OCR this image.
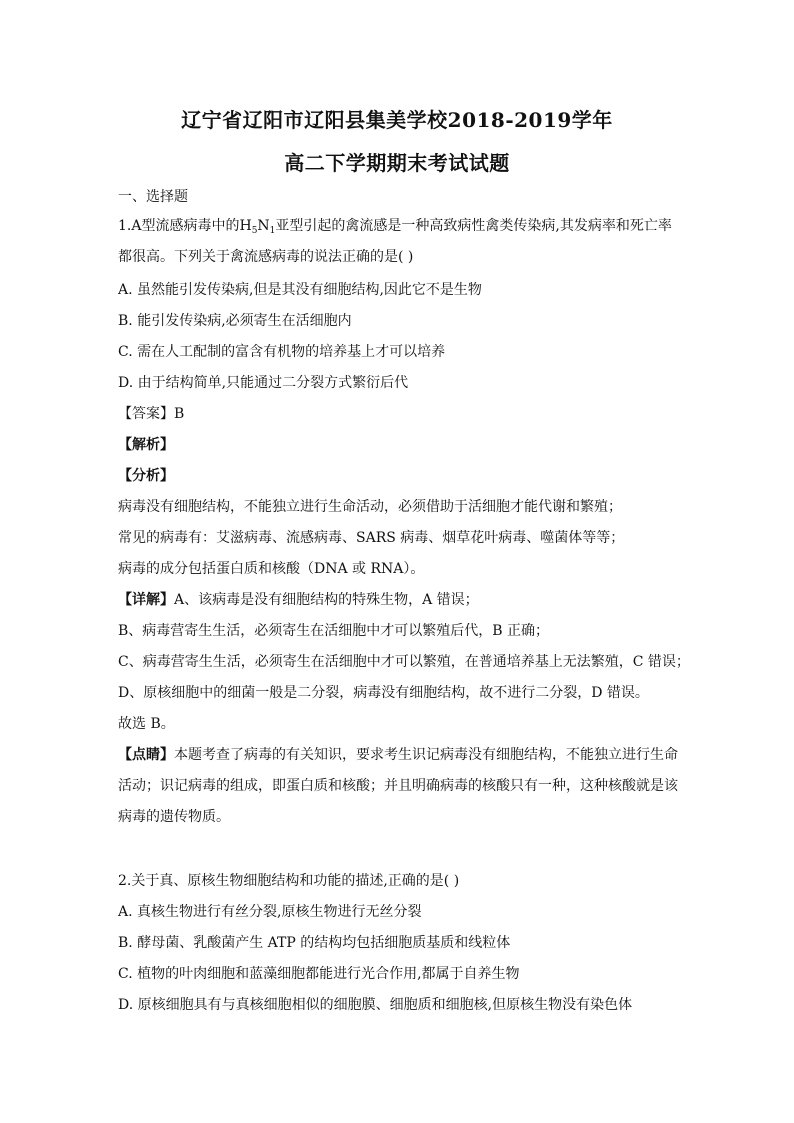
辽宁省辽阳市辽阳县集美学校2018-2019学年
高二下学期期末考试试题
一、选择题
1.A型流感病毒中的$H_5N_1$亚型引起的禽流感是一种高致病性禽类传染病,其发病率和死亡率
都很高。下列关于禽流感病毒的说法正确的是( )
A. 虽然能引发传染病,但是其没有细胞结构,因此它不是生物
B. 能引发传染病,必须寄生在活细胞内
C. 需在人工配制的富含有机物的培养基上才可以培养
D. 由于结构简单,只能通过二分裂方式繁衍后代
【答案】B
【解析】
【分析】
病毒没有细胞结构，不能独立进行生命活动，必须借助于活细胞才能代谢和繁殖；
常见的病毒有：艾滋病毒、流感病毒、SARS 病毒、烟草花叶病毒、噬菌体等等；
病毒的成分包括蛋白质和核酸（DNA 或 RNA）。
【详解】A、该病毒是没有细胞结构的特殊生物，A 错误；
B、病毒营寄生生活，必须寄生在活细胞中才可以繁殖后代，B 正确；
C、病毒营寄生生活，必须寄生在活细胞中才可以繁殖，在普通培养基上无法繁殖，C 错误；
D、原核细胞中的细菌一般是二分裂，病毒没有细胞结构，故不进行二分裂，D 错误。
故选 B。
【点睛】本题考查了病毒的有关知识，要求考生识记病毒没有细胞结构，不能独立进行生命
活动；识记病毒的组成，即蛋白质和核酸；并且明确病毒的核酸只有一种，这种核酸就是该
病毒的遗传物质。
2.关于真、原核生物细胞结构和功能的描述,正确的是( )
A. 真核生物进行有丝分裂,原核生物进行无丝分裂
B. 酵母菌、乳酸菌产生 ATP 的结构均包括细胞质基质和线粒体
C. 植物的叶肉细胞和蓝藻细胞都能进行光合作用,都属于自养生物
D. 原核细胞具有与真核细胞相似的细胞膜、细胞质和细胞核,但原核生物没有染色体
